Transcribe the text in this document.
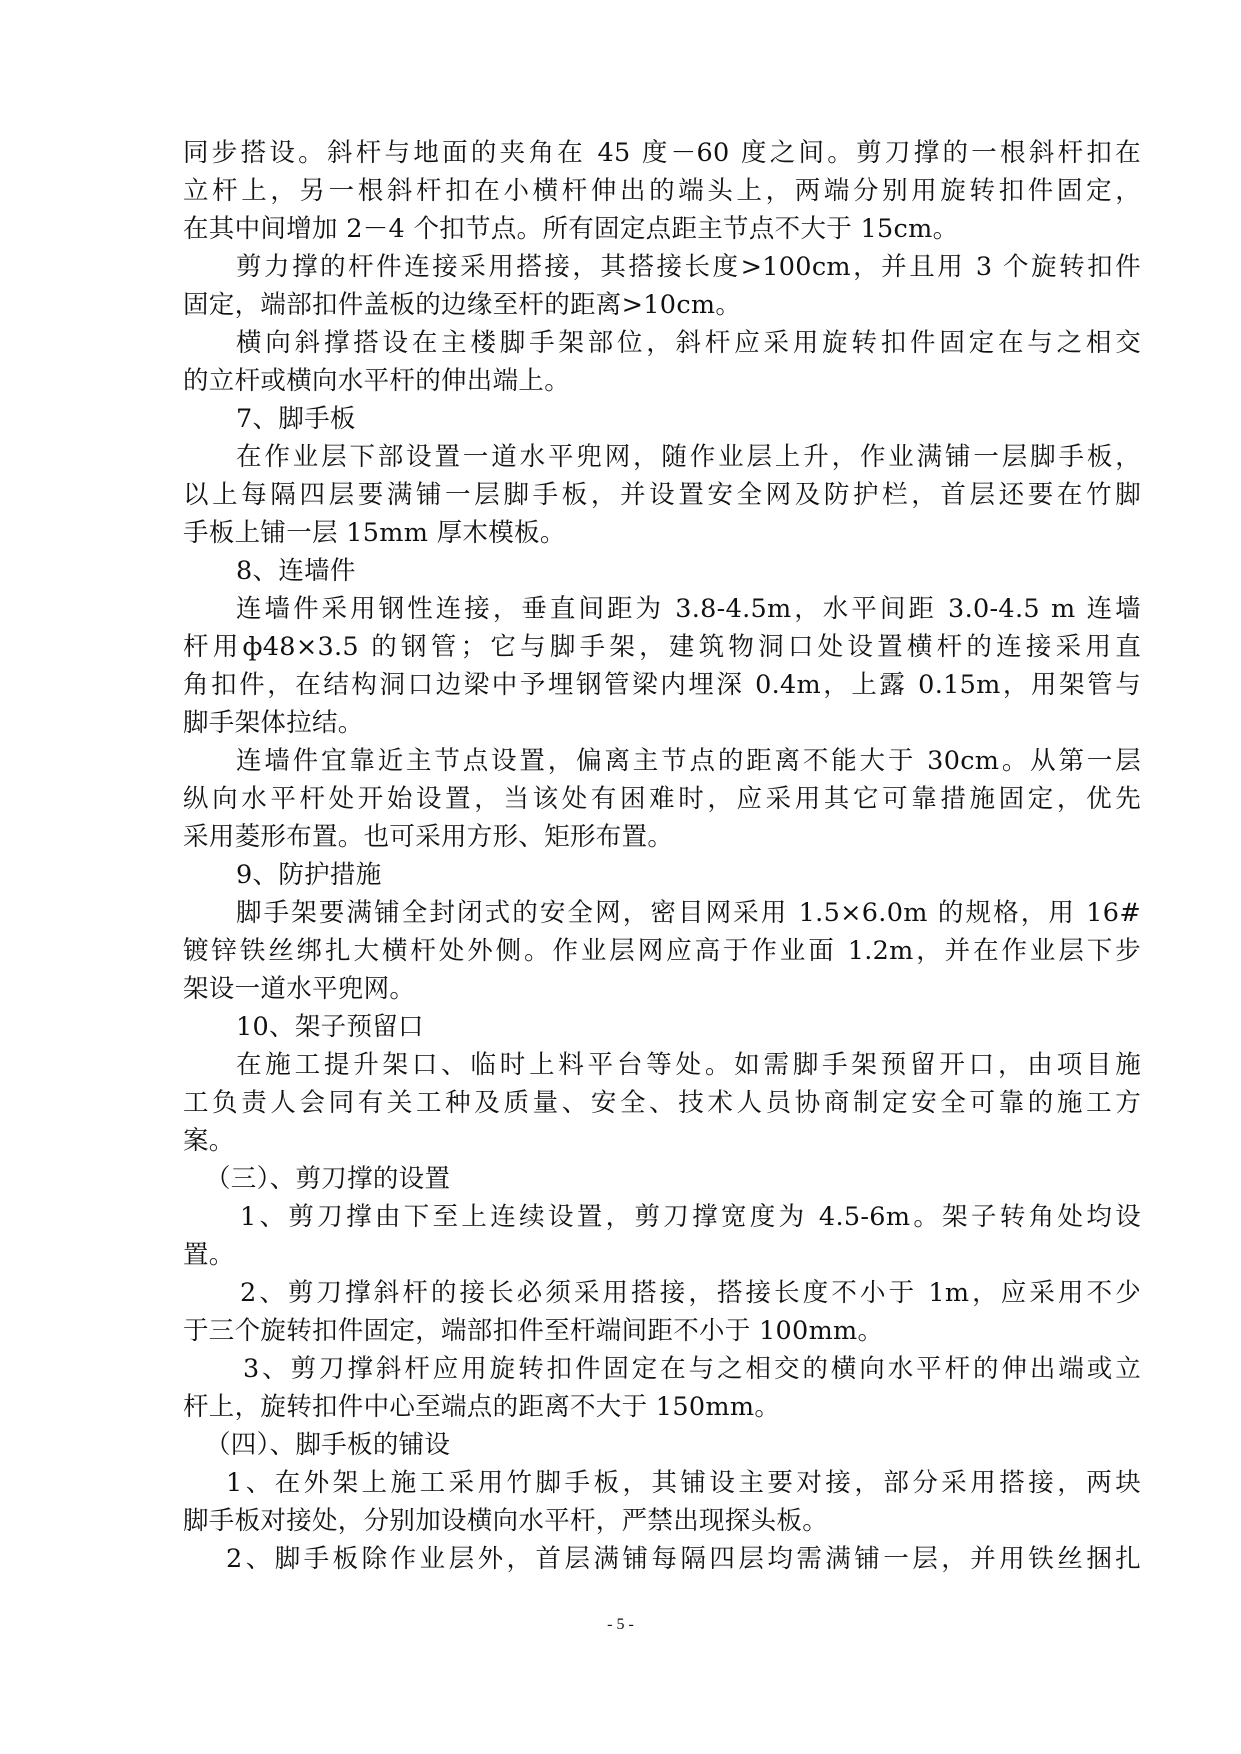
同步搭设。斜杆与地面的夹角在 45 度－60 度之间。剪刀撑的一根斜杆扣在
立杆上，另一根斜杆扣在小横杆伸出的端头上，两端分别用旋转扣件固定，
在其中间增加 2－4 个扣节点。所有固定点距主节点不大于 15cm。
剪力撑的杆件连接采用搭接，其搭接长度>100cm，并且用 3 个旋转扣件
固定，端部扣件盖板的边缘至杆的距离>10cm。
横向斜撑搭设在主楼脚手架部位，斜杆应采用旋转扣件固定在与之相交
的立杆或横向水平杆的伸出端上。
7、脚手板
在作业层下部设置一道水平兜网，随作业层上升，作业满铺一层脚手板，
以上每隔四层要满铺一层脚手板，并设置安全网及防护栏，首层还要在竹脚
手板上铺一层 15mm 厚木模板。
8、连墙件
连墙件采用钢性连接，垂直间距为 3.8-4.5m，水平间距 3.0-4.5 m 连墙
杆用ф48×3.5 的钢管；它与脚手架，建筑物洞口处设置横杆的连接采用直
角扣件，在结构洞口边梁中予埋钢管梁内埋深 0.4m，上露 0.15m，用架管与
脚手架体拉结。
连墙件宜靠近主节点设置，偏离主节点的距离不能大于 30cm。从第一层
纵向水平杆处开始设置，当该处有困难时，应采用其它可靠措施固定，优先
采用菱形布置。也可采用方形、矩形布置。
9、防护措施
脚手架要满铺全封闭式的安全网，密目网采用 1.5×6.0m 的规格，用 16#
镀锌铁丝绑扎大横杆处外侧。作业层网应高于作业面 1.2m，并在作业层下步
架设一道水平兜网。
10、架子预留口
在施工提升架口、临时上料平台等处。如需脚手架预留开口，由项目施
工负责人会同有关工种及质量、安全、技术人员协商制定安全可靠的施工方
案。
（三）、剪刀撑的设置
1、剪刀撑由下至上连续设置，剪刀撑宽度为 4.5-6m。架子转角处均设
置。
2、剪刀撑斜杆的接长必须采用搭接，搭接长度不小于 1m，应采用不少
于三个旋转扣件固定，端部扣件至杆端间距不小于 100mm。
3、剪刀撑斜杆应用旋转扣件固定在与之相交的横向水平杆的伸出端或立
杆上，旋转扣件中心至端点的距离不大于 150mm。
（四）、脚手板的铺设
1、在外架上施工采用竹脚手板，其铺设主要对接，部分采用搭接，两块
脚手板对接处，分别加设横向水平杆，严禁出现探头板。
2、脚手板除作业层外，首层满铺每隔四层均需满铺一层，并用铁丝捆扎
- 5 -
